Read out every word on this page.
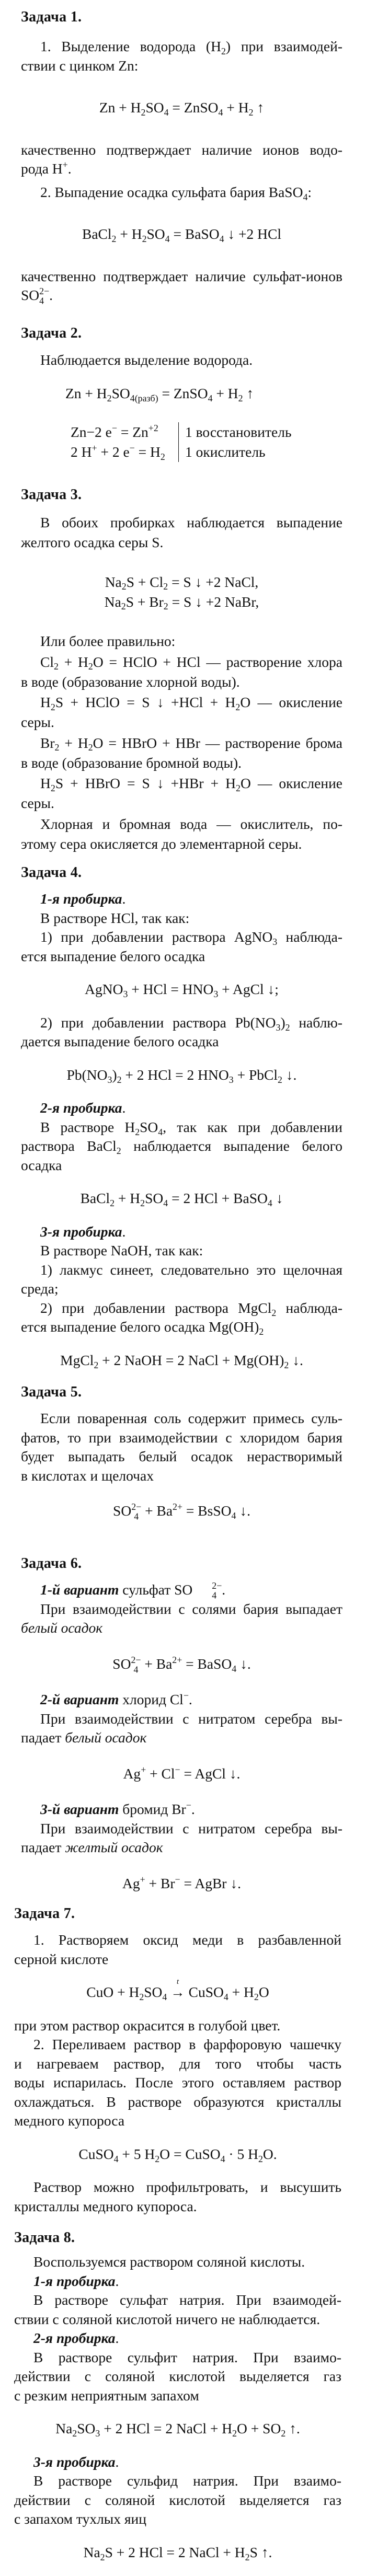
Задача 1.
1. Выделение водорода $(H_2)$ при взаимодей-
ствии с цинком Zn:
$Zn + H_2SO_4$ = ZnSO$_4$ + $H_2$ ↑
качественно подтверждает наличие ионов водо-
рода H+.
2. Выпадение осадка сульфата бария BaSO$_4$:
BaCl$_2$ + $H_2SO_4$ = BaSO$_4$ ↓ +2 HCl
качественно подтверждает наличие сульфат-ионов
SO 4
2− .
Задача 2.
Наблюдается выделение водорода.
$Zn + H_2SO_{4(разб)}$ = ZnSO$_4$ + $H_2$ ↑
Zn−2 $e^- = Zn^{+2}$	1 восстановитель
2 H+ + 2 $e^- = H_2$	1 окислитель
Задача 3.
В обоих пробирках наблюдается выпадение
желтого осадка серы S.
$Na_2S + Cl_2 = S$ ↓ +2 NaCl,
$Na_2S + Br_2 = S$ ↓ +2 NaBr,
Или более правильно:
$Cl_2 + H_2O$ = HClO + HCl — растворение хлора
в воде (образование хлорной воды).
$H_2S$ + HClO = S ↓ $+HCl + H_2O$ — окисление
серы.
$Br_2 + H_2O$ = HBrO + HBr — растворение брома
в воде (образование бромной воды).
$H_2S$ + HBrO = S ↓ $+HBr + H_2O$ — окисление
серы.
Хлорная и бромная вода — окислитель, по-
этому сера окисляется до элементарной серы.
Задача 4.
1-я пробирка.
В растворе HCl, так как:
1) при добавлении раствора AgNO$_3$ наблюда-
ется выпадение белого осадка
AgNO$_3$ + HCl = $HNO_3$ + AgCl ↓;
2) при добавлении раствора $Pb(NO_3)_2$ наблю-
дается выпадение белого осадка
$Pb(NO_3)_2 + 2$ HCl = 2 $HNO_3$ + PbCl$_2$ ↓.
2-я пробирка.
В растворе $H_2SO_4$, так как при добавлении
раствора BaCl$_2$ наблюдается выпадение белого
осадка
BaCl$_2$ + $H_2SO_4 = 2$ HCl + BaSO$_4$ ↓
3-я пробирка.
В растворе NaOH, так как:
1) лакмус синеет, следовательно это щелочная
среда;
2) при добавлении раствора MgCl$_2$ наблюда-
ется выпадение белого осадка $Mg(OH)_2$
MgCl$_2$ + 2 NaOH = 2 NaCl + $Mg(OH)_2$ ↓.
Задача 5.
Если поваренная соль содержит примесь суль-
фатов, то при взаимодействии с хлоридом бария
будет выпадать белый осадок нерастворимый
в кислотах и щелочах
SO 4
$2- + Ba^{2+}$ = BsSO$_4$ ↓.
Задача 6.
1-й вариант сульфат SO	4
2− .
При взаимодействии с солями бария выпадает
белый осадок
SO 4
$2- + Ba^{2+}$ = BaSO$_4$ ↓.
2-й вариант хлорид Cl−.
При взаимодействии с нитратом серебра вы-
падает белый осадок
Ag+ + Cl− = AgCl ↓.
3-й вариант бромид Br−.
При взаимодействии с нитратом серебра вы-
падает желтый осадок
Ag+ + Br− = AgBr ↓.
Задача 7.
1. Растворяем оксид меди в разбавленной
серной кислоте
CuO + $H_2SO_4$
t
→ CuSO$_4$ + $H_2O$
при этом раствор окрасится в голубой цвет.
2. Переливаем раствор в фарфоровую чашечку
и нагреваем раствор, для того чтобы часть
воды испарилась. После этого оставляем раствор
охлаждаться. В растворе образуются кристаллы
медного купороса
CuSO$_4$ + 5 $H_2O$ = CuSO$_4$ · 5 $H_2O$.
Раствор можно профильтровать, и высушить
кристаллы медного купороса.
Задача 8.
Воспользуемся раствором соляной кислоты.
1-я пробирка.
В растворе сульфат натрия. При взаимодей-
ствии с соляной кислотой ничего не наблюдается.
2-я пробирка.
В растворе сульфит натрия. При взаимо-
действии с соляной кислотой выделяется газ
с резким неприятным запахом
$Na_2SO_3 + 2$ HCl = 2 NaCl + $H_2O + SO_2$ ↑.
3-я пробирка.
В растворе сульфид натрия. При взаимо-
действии с соляной кислотой выделяется газ
с запахом тухлых яиц
$Na_2S + 2$ HCl = 2 NaCl + $H_2S$ ↑.
